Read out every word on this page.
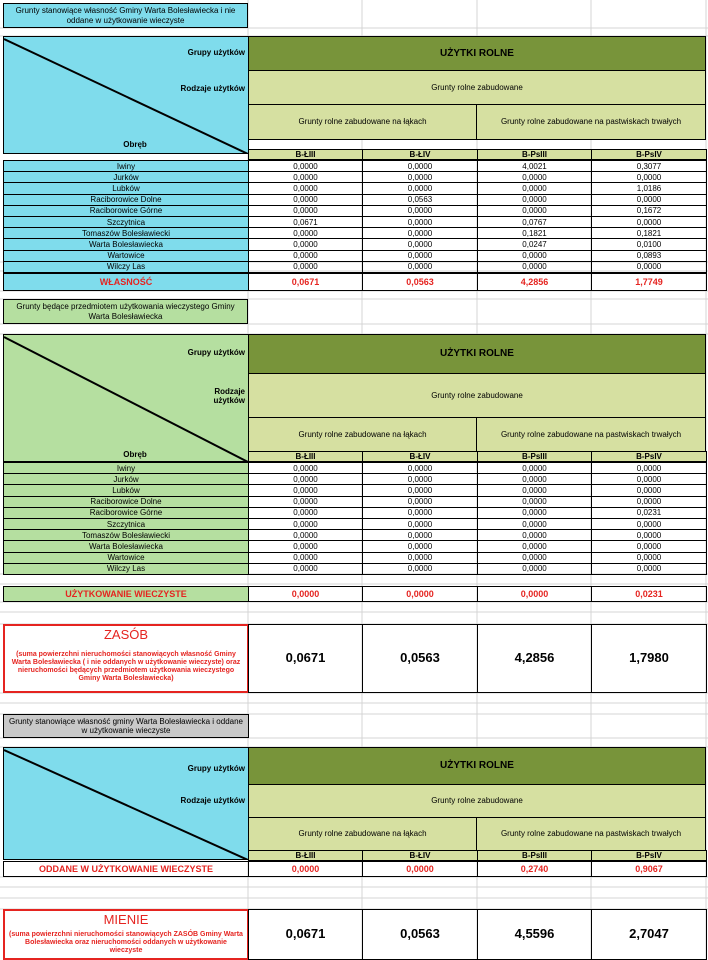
Grunty stanowiące własność Gminy Warta Bolesławiecka i nie oddane w użytkowanie wieczyste
Grupy użytków
Rodzaje użytków
Obręb
UŻYTKI ROLNE
Grunty rolne zabudowane
Grunty rolne zabudowane na łąkach	Grunty rolne zabudowane na pastwiskach trwałych
B-ŁIII	B-ŁIV	B-PsIII	B-PsIV
Iwiny	0,0000	0,0000	4,0021	0,3077
Jurków	0,0000	0,0000	0,0000	0,0000
Lubków	0,0000	0,0000	0,0000	1,0186
Raciborowice Dolne	0,0000	0,0563	0,0000	0,0000
Raciborowice Górne	0,0000	0,0000	0,0000	0,1672
Szczytnica	0,0671	0,0000	0,0767	0,0000
Tomaszów Bolesławiecki	0,0000	0,0000	0,1821	0,1821
Warta Bolesławiecka	0,0000	0,0000	0,0247	0,0100
Wartowice	0,0000	0,0000	0,0000	0,0893
Wilczy Las	0,0000	0,0000	0,0000	0,0000
WŁASNOŚĆ	0,0671	0,0563	4,2856	1,7749
Grunty będące przedmiotem użytkowania wieczystego Gminy Warta Bolesławiecka
Grupy użytków
Rodzaje
użytków
Obręb
UŻYTKI ROLNE
Grunty rolne zabudowane
Grunty rolne zabudowane na łąkach	Grunty rolne zabudowane na pastwiskach trwałych
B-ŁIII	B-ŁIV	B-PsIII	B-PsIV
Iwiny	0,0000	0,0000	0,0000	0,0000
Jurków	0,0000	0,0000	0,0000	0,0000
Lubków	0,0000	0,0000	0,0000	0,0000
Raciborowice Dolne	0,0000	0,0000	0,0000	0,0000
Raciborowice Górne	0,0000	0,0000	0,0000	0,0231
Szczytnica	0,0000	0,0000	0,0000	0,0000
Tomaszów Bolesławiecki	0,0000	0,0000	0,0000	0,0000
Warta Bolesławiecka	0,0000	0,0000	0,0000	0,0000
Wartowice	0,0000	0,0000	0,0000	0,0000
Wilczy Las	0,0000	0,0000	0,0000	0,0000
UŻYTKOWANIE WIECZYSTE	0,0000	0,0000	0,0000	0,0231
ZASÓB
(suma powierzchni nieruchomości stanowiących własność Gminy Warta Bolesławiecka ( i nie oddanych w użytkowanie wieczyste) oraz nieruchomości będących przedmiotem użytkowania wieczystego Gminy Warta Bolesławiecka)
0,0671	0,0563	4,2856	1,7980
Grunty stanowiące własność gminy Warta Bolesławiecka i oddane w użytkowanie wieczyste
Grupy użytków
Rodzaje użytków
UŻYTKI ROLNE
Grunty rolne zabudowane
Grunty rolne zabudowane na łąkach	Grunty rolne zabudowane na pastwiskach trwałych
B-ŁIII	B-ŁIV	B-PsIII	B-PsIV
ODDANE W UŻYTKOWANIE WIECZYSTE	0,0000	0,0000	0,2740	0,9067
MIENIE
(suma powierzchni nieruchomości stanowiących ZASÓB Gminy Warta Bolesławiecka oraz nieruchomości oddanych w użytkowanie wieczyste
0,0671	0,0563	4,5596	2,7047
